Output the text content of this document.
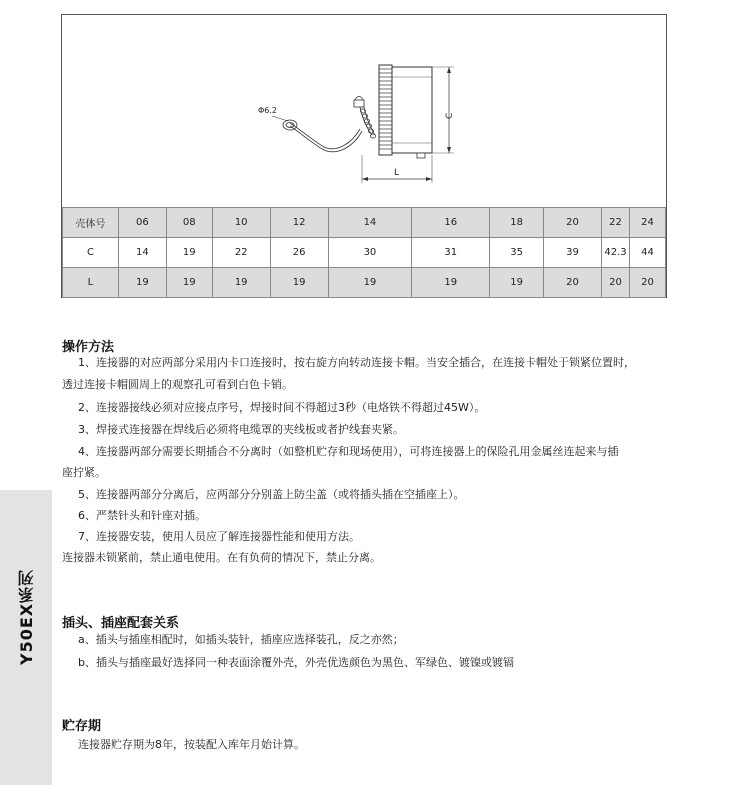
Φ6.2
C
L
壳体号	06	08	10	12	14	16	18	20	22	24
C	14	19	22	26	30	31	35	39	42.3	44
L	19	19	19	19	19	19	19	20	20	20
Y50EX系列
操作方法
1、连接器的对应两部分采用内卡口连接时，按右旋方向转动连接卡帽。当安全插合，在连接卡帽处于锁紧位置时，
透过连接卡帽圆周上的观察孔可看到白色卡销。
2、连接器接线必须对应接点序号，焊接时间不得超过3秒（电烙铁不得超过45W）。
3、焊接式连接器在焊线后必须将电缆罩的夹线板或者护线套夹紧。
4、连接器两部分需要长期插合不分离时（如整机贮存和现场使用），可将连接器上的保险孔用金属丝连起来与插
座拧紧。
5、连接器两部分分离后，应两部分分别盖上防尘盖（或将插头插在空插座上）。
6、严禁针头和针座对插。
7、连接器安装，使用人员应了解连接器性能和使用方法。
连接器未锁紧前，禁止通电使用。在有负荷的情况下，禁止分离。
插头、插座配套关系
a、插头与插座相配时，如插头装针，插座应选择装孔，反之亦然；
b、插头与插座最好选择同一种表面涂覆外壳，外壳优选颜色为黑色、军绿色、镀镍或镀镉
贮存期
连接器贮存期为8年，按装配入库年月始计算。
